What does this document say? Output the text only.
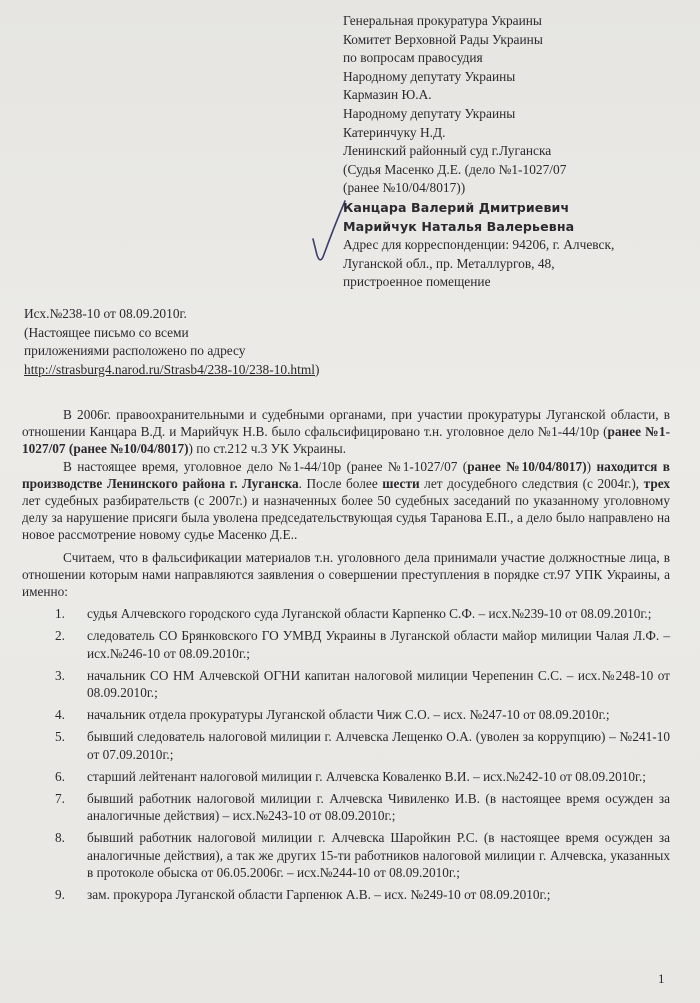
Генеральная прокуратура Украины
Комитет Верховной Рады Украины
по вопросам правосудия
Народному депутату Украины
Кармазин Ю.А.
Народному депутату Украины
Катеринчуку Н.Д.
Ленинский районный суд г.Луганска
(Судья Масенко Д.Е. (дело №1-1027/07
(ранее №10/04/8017))
Канцара Валерий Дмитриевич
Марийчук Наталья Валерьевна
Адрес для корреспонденции: 94206, г. Алчевск,
Луганской обл., пр. Металлургов, 48,
пристроенное помещение
Исх.№238-10 от 08.09.2010г.
(Настоящее письмо со всеми
приложениями расположено по адресу
http://strasburg4.narod.ru/Strasb4/238-10/238-10.html)

В 2006г. правоохранительными и судебными органами, при участии прокуратуры Луганской области, в отношении Канцара В.Д. и Марийчук Н.В. было сфальсифицировано т.н. уголовное дело №1-44/10р (ранее №1-1027/07 (ранее №10/04/8017)) по ст.212 ч.3 УК Украины.

В настоящее время, уголовное дело №1-44/10р (ранее №1-1027/07 (ранее №10/04/8017)) находится в производстве Ленинского района г. Луганска. После более шести лет досудебного следствия (с 2004г.), трех лет судебных разбирательств (с 2007г.) и назначенных более 50 судебных заседаний по указанному уголовному делу за нарушение присяги была уволена председательствующая судья Таранова Е.П., а дело было направлено на новое рассмотрение новому судье Масенко Д.Е..

Считаем, что в фальсификации материалов т.н. уголовного дела принимали участие должностные лица, в отношении которым нами направляются заявления о совершении преступления в порядке ст.97 УПК Украины, а именно:

1. судья Алчевского городского суда Луганской области Карпенко С.Ф. – исх.№239-10 от 08.09.2010г.;
2. следователь СО Брянковского ГО УМВД Украины в Луганской области майор милиции Чалая Л.Ф. – исх.№246-10 от 08.09.2010г.;
3. начальник СО НМ Алчевской ОГНИ капитан налоговой милиции Черепенин С.С. – исх.№248-10 от 08.09.2010г.;
4. начальник отдела прокуратуры Луганской области Чиж С.О. – исх. №247-10 от 08.09.2010г.;
5. бывший следователь налоговой милиции г. Алчевска Лещенко О.А. (уволен за коррупцию) – №241-10 от 07.09.2010г.;
6. старший лейтенант налоговой милиции г. Алчевска Коваленко В.И. – исх.№242-10 от 08.09.2010г.;
7. бывший работник налоговой милиции г. Алчевска Чивиленко И.В. (в настоящее время осужден за аналогичные действия) – исх.№243-10 от 08.09.2010г.;
8. бывший работник налоговой милиции г. Алчевска Шаройкин Р.С. (в настоящее время осужден за аналогичные действия), а так же других 15-ти работников налоговой милиции г. Алчевска, указанных в протоколе обыска от 06.05.2006г. – исх.№244-10 от 08.09.2010г.;
9. зам. прокурора Луганской области Гарпенюк А.В. – исх. №249-10 от 08.09.2010г.;
1
